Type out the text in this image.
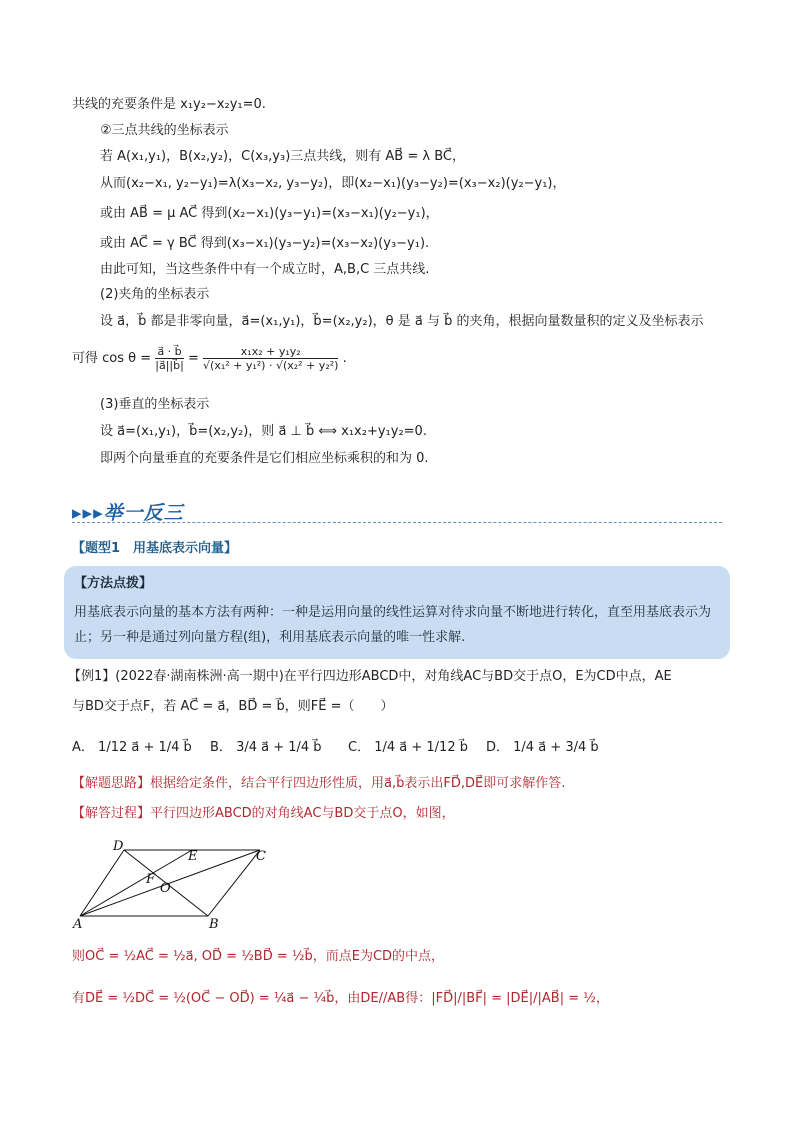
共线的充要条件是 x₁y₂−x₂y₁=0.
②三点共线的坐标表示
若 A(x₁,y₁)，B(x₂,y₂)，C(x₃,y₃)三点共线，则有 AB⃗ = λ BC⃗，
从而(x₂−x₁, y₂−y₁)=λ(x₃−x₂, y₃−y₂)，即(x₂−x₁)(y₃−y₂)=(x₃−x₂)(y₂−y₁)，
或由 AB⃗ = μ AC⃗ 得到(x₂−x₁)(y₃−y₁)=(x₃−x₁)(y₂−y₁)，
或由 AC⃗ = γ BC⃗ 得到(x₃−x₁)(y₃−y₂)=(x₃−x₂)(y₃−y₁).
由此可知，当这些条件中有一个成立时，A,B,C 三点共线.
(2)夹角的坐标表示
设 a⃗，b⃗ 都是非零向量，a⃗=(x₁,y₁)，b⃗=(x₂,y₂)，θ 是 a⃗ 与 b⃗ 的夹角，根据向量数量积的定义及坐标表示
可得 $\cos \theta = \frac{a⃗ \cdot b⃗}{|a⃗||b⃗|} = \frac{\text{x₁x₂ + y₁y₂}}{\text{√(x₁² + y₁²) · √(x₂² + y₂²)}}$ .
(3)垂直的坐标表示
设 a⃗=(x₁,y₁)，b⃗=(x₂,y₂)，则 a⃗ ⊥ b⃗ ⟺ x₁x₂+y₁y₂=0.
即两个向量垂直的充要条件是它们相应坐标乘积的和为 0.
▸▸▸举一反三
【题型1　用基底表示向量】
【方法点拨】
用基底表示向量的基本方法有两种：一种是运用向量的线性运算对待求向量不断地进行转化，直至用基底表示为止；另一种是通过列向量方程(组)，利用基底表示向量的唯一性求解.
【例1】(2022春·湖南株洲·高一期中)在平行四边形ABCD中，对角线AC与BD交于点O，E为CD中点，AE
与BD交于点F，若 AC⃗ = a⃗，BD⃗ = b⃗，则FE⃗ =（　　）
A． 1/12 a⃗ + 1/4 b⃗ B． 3/4 a⃗ + 1/4 b⃗ C． 1/4 a⃗ + 1/12 b⃗ D． 1/4 a⃗ + 3/4 b⃗
【解题思路】根据给定条件，结合平行四边形性质，用a⃗,b⃗表示出FD⃗,DE⃗即可求解作答.
【解答过程】平行四边形ABCD的对角线AC与BD交于点O，如图，
D
E	C
F
O
A	B
则OC⃗ = ½AC⃗ = ½a⃗, OD⃗ = ½BD⃗ = ½b⃗，而点E为CD的中点，
有DE⃗ = ½DC⃗ = ½(OC⃗ − OD⃗) = ¼a⃗ − ¼b⃗，由DE//AB得：|FD⃗|/|BF⃗| = |DE⃗|/|AB⃗| = ½，
